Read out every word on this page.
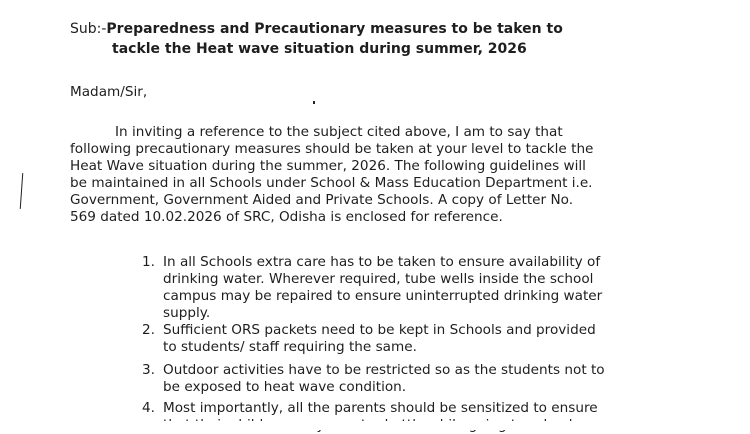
Sub:-Preparedness and Precautionary measures to be taken to
tackle the Heat wave situation during summer, 2026
Madam/Sir,
In inviting a reference to the subject cited above, I am to say that
following precautionary measures should be taken at your level to tackle the
Heat Wave situation during the summer, 2026. The following guidelines will
be maintained in all Schools under School & Mass Education Department i.e.
Government, Government Aided and Private Schools. A copy of Letter No.
569 dated 10.02.2026 of SRC, Odisha is enclosed for reference.
1. In all Schools extra care has to be taken to ensure availability of
drinking water. Wherever required, tube wells inside the school
campus may be repaired to ensure uninterrupted drinking water
supply.
2. Sufficient ORS packets need to be kept in Schools and provided
to students/ staff requiring the same.
3. Outdoor activities have to be restricted so as the students not to
be exposed to heat wave condition.
4. Most importantly, all the parents should be sensitized to ensure
